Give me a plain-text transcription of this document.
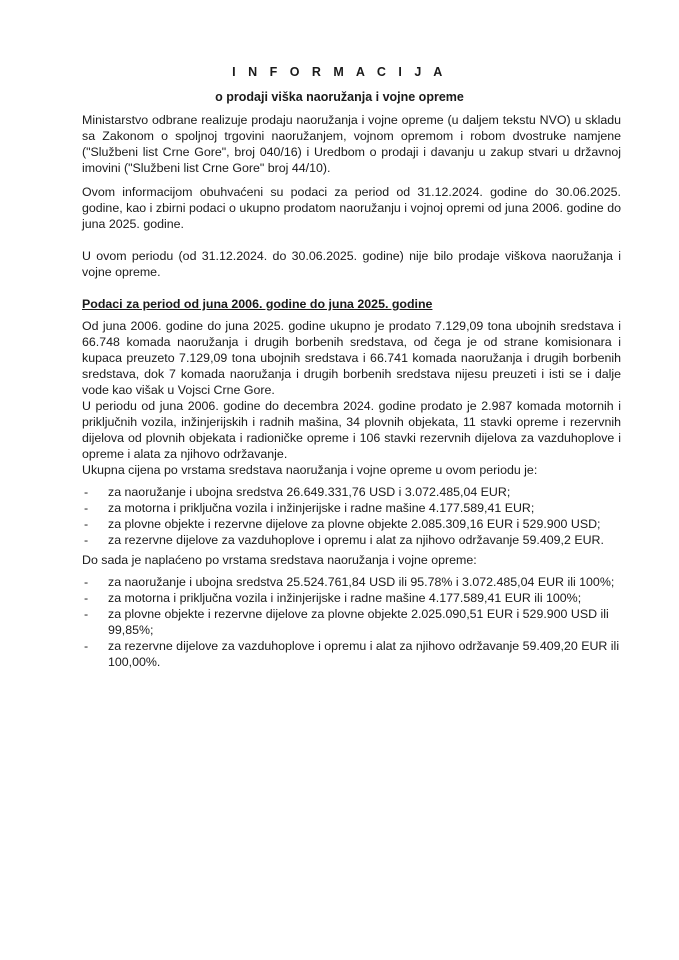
I N F O R M A C I J A
o prodaji viška naoružanja i vojne opreme

Ministarstvo odbrane realizuje prodaju naoružanja i vojne opreme (u daljem tekstu NVO) u skladu sa Zakonom o spoljnoj trgovini naoružanjem, vojnom opremom i robom dvostruke namjene ("Službeni list Crne Gore", broj 040/16) i Uredbom o prodaji i davanju u zakup stvari u državnoj imovini ("Službeni list Crne Gore" broj 44/10).

Ovom informacijom obuhvaćeni su podaci za period od 31.12.2024. godine do 30.06.2025. godine, kao i zbirni podaci o ukupno prodatom naoružanju i vojnoj opremi od juna 2006. godine do juna 2025. godine.

U ovom periodu (od 31.12.2024. do 30.06.2025. godine) nije bilo prodaje viškova naoružanja i vojne opreme.

Podaci za period od juna 2006. godine do juna 2025. godine

Od juna 2006. godine do juna 2025. godine ukupno je prodato 7.129,09 tona ubojnih sredstava i 66.748 komada naoružanja i drugih borbenih sredstava, od čega je od strane komisionara i kupaca preuzeto 7.129,09 tona ubojnih sredstava i 66.741 komada naoružanja i drugih borbenih sredstava, dok 7 komada naoružanja i drugih borbenih sredstava nijesu preuzeti i isti se i dalje vode kao višak u Vojsci Crne Gore.

U periodu od juna 2006. godine do decembra 2024. godine prodato je 2.987 komada motornih i priključnih vozila, inžinjerijskih i radnih mašina, 34 plovnih objekata, 11 stavki opreme i rezervnih dijelova od plovnih objekata i radioničke opreme i 106 stavki rezervnih dijelova za vazduhoplove i opreme i alata za njihovo održavanje.

Ukupna cijena po vrstama sredstava naoružanja i vojne opreme u ovom periodu je:

- za naoružanje i ubojna sredstva 26.649.331,76 USD i 3.072.485,04 EUR;
- za motorna i priključna vozila i inžinjerijske i radne mašine 4.177.589,41 EUR;
- za plovne objekte i rezervne dijelove za plovne objekte 2.085.309,16 EUR i 529.900 USD;
- za rezervne dijelove za vazduhoplove i opremu i alat za njihovo održavanje 59.409,2 EUR.

Do sada je naplaćeno po vrstama sredstava naoružanja i vojne opreme:

- za naoružanje i ubojna sredstva 25.524.761,84 USD ili 95.78% i 3.072.485,04 EUR ili 100%;
- za motorna i priključna vozila i inžinjerijske i radne mašine 4.177.589,41 EUR ili 100%;
- za plovne objekte i rezervne dijelove za plovne objekte 2.025.090,51 EUR i 529.900 USD ili 99,85%;
- za rezervne dijelove za vazduhoplove i opremu i alat za njihovo održavanje 59.409,20 EUR ili 100,00%.
